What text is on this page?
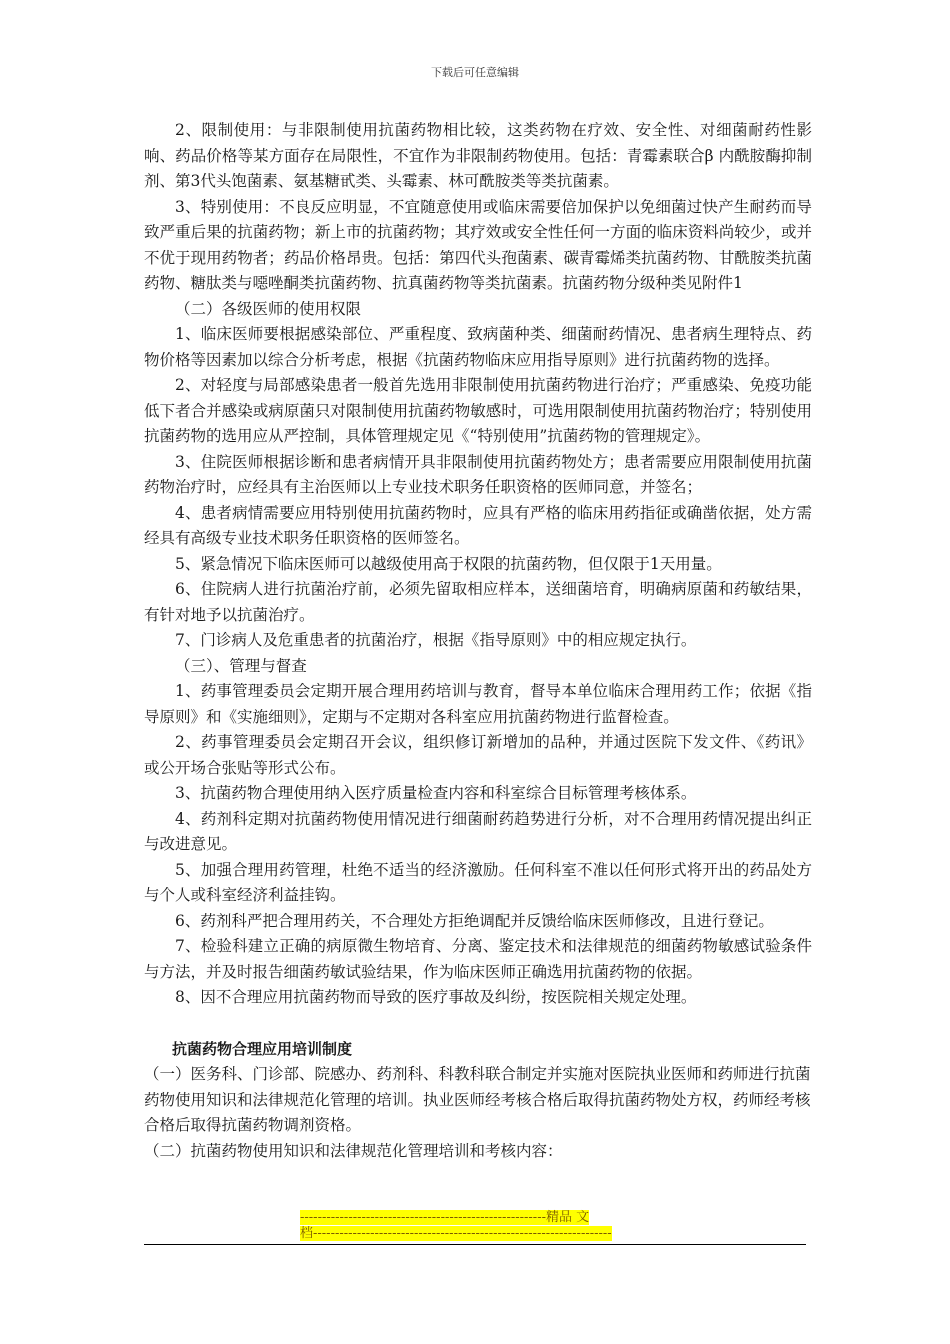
下载后可任意编辑

2、限制使用：与非限制使用抗菌药物相比较，这类药物在疗效、安全性、对细菌耐药性影响、药品价格等某方面存在局限性，不宜作为非限制药物使用。包括：青霉素联合β 内酰胺酶抑制剂、第3代头饱菌素、氨基糖甙类、头霉素、林可酰胺类等类抗菌素。

3、特别使用：不良反应明显，不宜随意使用或临床需要倍加保护以免细菌过快产生耐药而导致严重后果的抗菌药物；新上市的抗菌药物；其疗效或安全性任何一方面的临床资料尚较少，或并不优于现用药物者；药品价格昂贵。包括：第四代头孢菌素、碳青霉烯类抗菌药物、甘酰胺类抗菌药物、糖肽类与噁唑酮类抗菌药物、抗真菌药物等类抗菌素。抗菌药物分级种类见附件1

（二）各级医师的使用权限

1、临床医师要根据感染部位、严重程度、致病菌种类、细菌耐药情况、患者病生理特点、药物价格等因素加以综合分析考虑，根据《抗菌药物临床应用指导原则》进行抗菌药物的选择。

2、对轻度与局部感染患者一般首先选用非限制使用抗菌药物进行治疗；严重感染、免疫功能低下者合并感染或病原菌只对限制使用抗菌药物敏感时，可选用限制使用抗菌药物治疗；特别使用抗菌药物的选用应从严控制，具体管理规定见《“特别使用”抗菌药物的管理规定》。

3、住院医师根据诊断和患者病情开具非限制使用抗菌药物处方；患者需要应用限制使用抗菌药物治疗时，应经具有主治医师以上专业技术职务任职资格的医师同意，并签名；

4、患者病情需要应用特别使用抗菌药物时，应具有严格的临床用药指征或确凿依据，处方需经具有高级专业技术职务任职资格的医师签名。

5、紧急情况下临床医师可以越级使用高于权限的抗菌药物，但仅限于1天用量。

6、住院病人进行抗菌治疗前，必须先留取相应样本，送细菌培育，明确病原菌和药敏结果，有针对地予以抗菌治疗。

7、门诊病人及危重患者的抗菌治疗，根据《指导原则》中的相应规定执行。

（三）、管理与督查

1、药事管理委员会定期开展合理用药培训与教育，督导本单位临床合理用药工作；依据《指导原则》和《实施细则》，定期与不定期对各科室应用抗菌药物进行监督检查。

2、药事管理委员会定期召开会议，组织修订新增加的品种，并通过医院下发文件、《药讯》或公开场合张贴等形式公布。

3、抗菌药物合理使用纳入医疗质量检查内容和科室综合目标管理考核体系。

4、药剂科定期对抗菌药物使用情况进行细菌耐药趋势进行分析，对不合理用药情况提出纠正与改进意见。

5、加强合理用药管理，杜绝不适当的经济激励。任何科室不准以任何形式将开出的药品处方与个人或科室经济利益挂钩。

6、药剂科严把合理用药关，不合理处方拒绝调配并反馈给临床医师修改，且进行登记。

7、检验科建立正确的病原微生物培育、分离、鉴定技术和法律规范的细菌药物敏感试验条件与方法，并及时报告细菌药敏试验结果，作为临床医师正确选用抗菌药物的依据。

8、因不合理应用抗菌药物而导致的医疗事故及纠纷，按医院相关规定处理。

抗菌药物合理应用培训制度

（一）医务科、门诊部、院感办、药剂科、科教科联合制定并实施对医院执业医师和药师进行抗菌药物使用知识和法律规范化管理的培训。执业医师经考核合格后取得抗菌药物处方权，药师经考核合格后取得抗菌药物调剂资格。

（二）抗菌药物使用知识和法律规范化管理培训和考核内容：

--------------------------------------------------------精品 文
档--------------------------------------------------------------------
